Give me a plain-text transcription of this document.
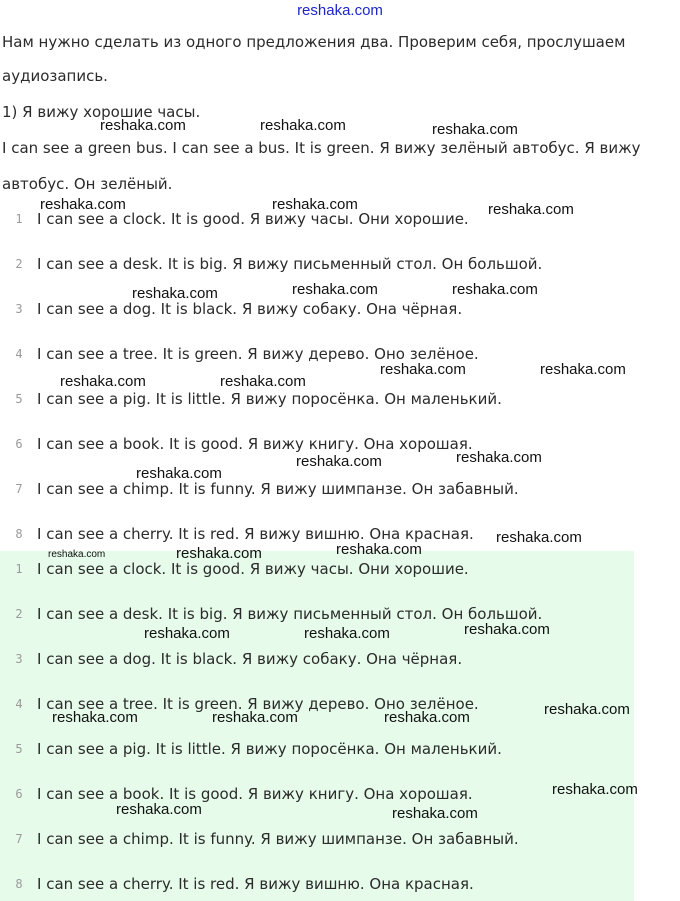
reshaka.com

Нам нужно сделать из одного предложения два. Проверим себя, прослушаем

аудиозапись.

1) Я вижу хорошие часы.

I can see a green bus. I can see a bus. It is green. Я вижу зелёный автобус. Я вижу

автобус. Он зелёный.

1 I can see a clock. It is good. Я вижу часы. Они хорошие.
2 I can see a desk. It is big. Я вижу письменный стол. Он большой.
3 I can see a dog. It is black. Я вижу собаку. Она чёрная.
4 I can see a tree. It is green. Я вижу дерево. Оно зелёное.
5 I can see a pig. It is little. Я вижу поросёнка. Он маленький.
6 I can see a book. It is good. Я вижу книгу. Она хорошая.
7 I can see a chimp. It is funny. Я вижу шимпанзе. Он забавный.
8 I can see a cherry. It is red. Я вижу вишню. Она красная.
1 I can see a clock. It is good. Я вижу часы. Они хорошие.
2 I can see a desk. It is big. Я вижу письменный стол. Он большой.
3 I can see a dog. It is black. Я вижу собаку. Она чёрная.
4 I can see a tree. It is green. Я вижу дерево. Оно зелёное.
5 I can see a pig. It is little. Я вижу поросёнка. Он маленький.
6 I can see a book. It is good. Я вижу книгу. Она хорошая.
7 I can see a chimp. It is funny. Я вижу шимпанзе. Он забавный.
8 I can see a cherry. It is red. Я вижу вишню. Она красная.
reshaka.com	reshaka.com	reshaka.com
reshaka.com	reshaka.com	reshaka.com
reshaka.com	reshaka.com	reshaka.com
reshaka.com	reshaka.com
reshaka.com	reshaka.com
reshaka.com	reshaka.com
reshaka.com
reshaka.com
reshaka.com	reshaka.com	reshaka.com
reshaka.com	reshaka.com	reshaka.com
reshaka.com
reshaka.com	reshaka.com	reshaka.com
reshaka.com
reshaka.com	reshaka.com
